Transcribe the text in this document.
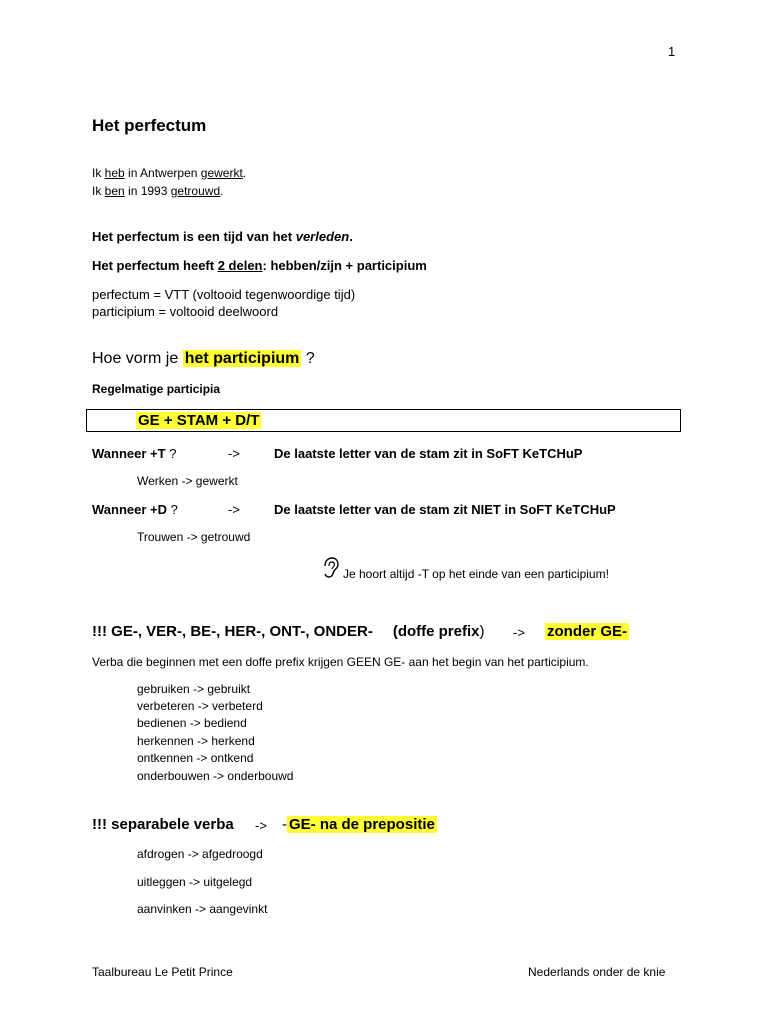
1
Het perfectum
Ik heb in Antwerpen gewerkt.
Ik ben in 1993 getrouwd.
Het perfectum is een tijd van het verleden.
Het perfectum heeft 2 delen: hebben/zijn + participium
perfectum = VTT (voltooid tegenwoordige tijd)
participium = voltooid deelwoord
Hoe vorm je het participium ?
Regelmatige participia
GE + STAM + D/T
Wanneer +T ?	->	De laatste letter van de stam zit in SoFT KeTCHuP
Werken -> gewerkt
Wanneer +D ?	->	De laatste letter van de stam zit NIET in SoFT KeTCHuP
Trouwen -> getrouwd
Je hoort altijd -T op het einde van een participium!
!!! GE-, VER-, BE-, HER-, ONT-, ONDER- (doffe prefix) -> zonder GE-
Verba die beginnen met een doffe prefix krijgen GEEN GE- aan het begin van het participium.
gebruiken -> gebruikt
verbeteren -> verbeterd
bedienen -> bediend
herkennen -> herkend
ontkennen -> ontkend
onderbouwen -> onderbouwd
!!! separabele verba -> - GE- na de prepositie
afdrogen -> afgedroogd
uitleggen -> uitgelegd
aanvinken -> aangevinkt
Taalbureau Le Petit Prince	Nederlands onder de knie
